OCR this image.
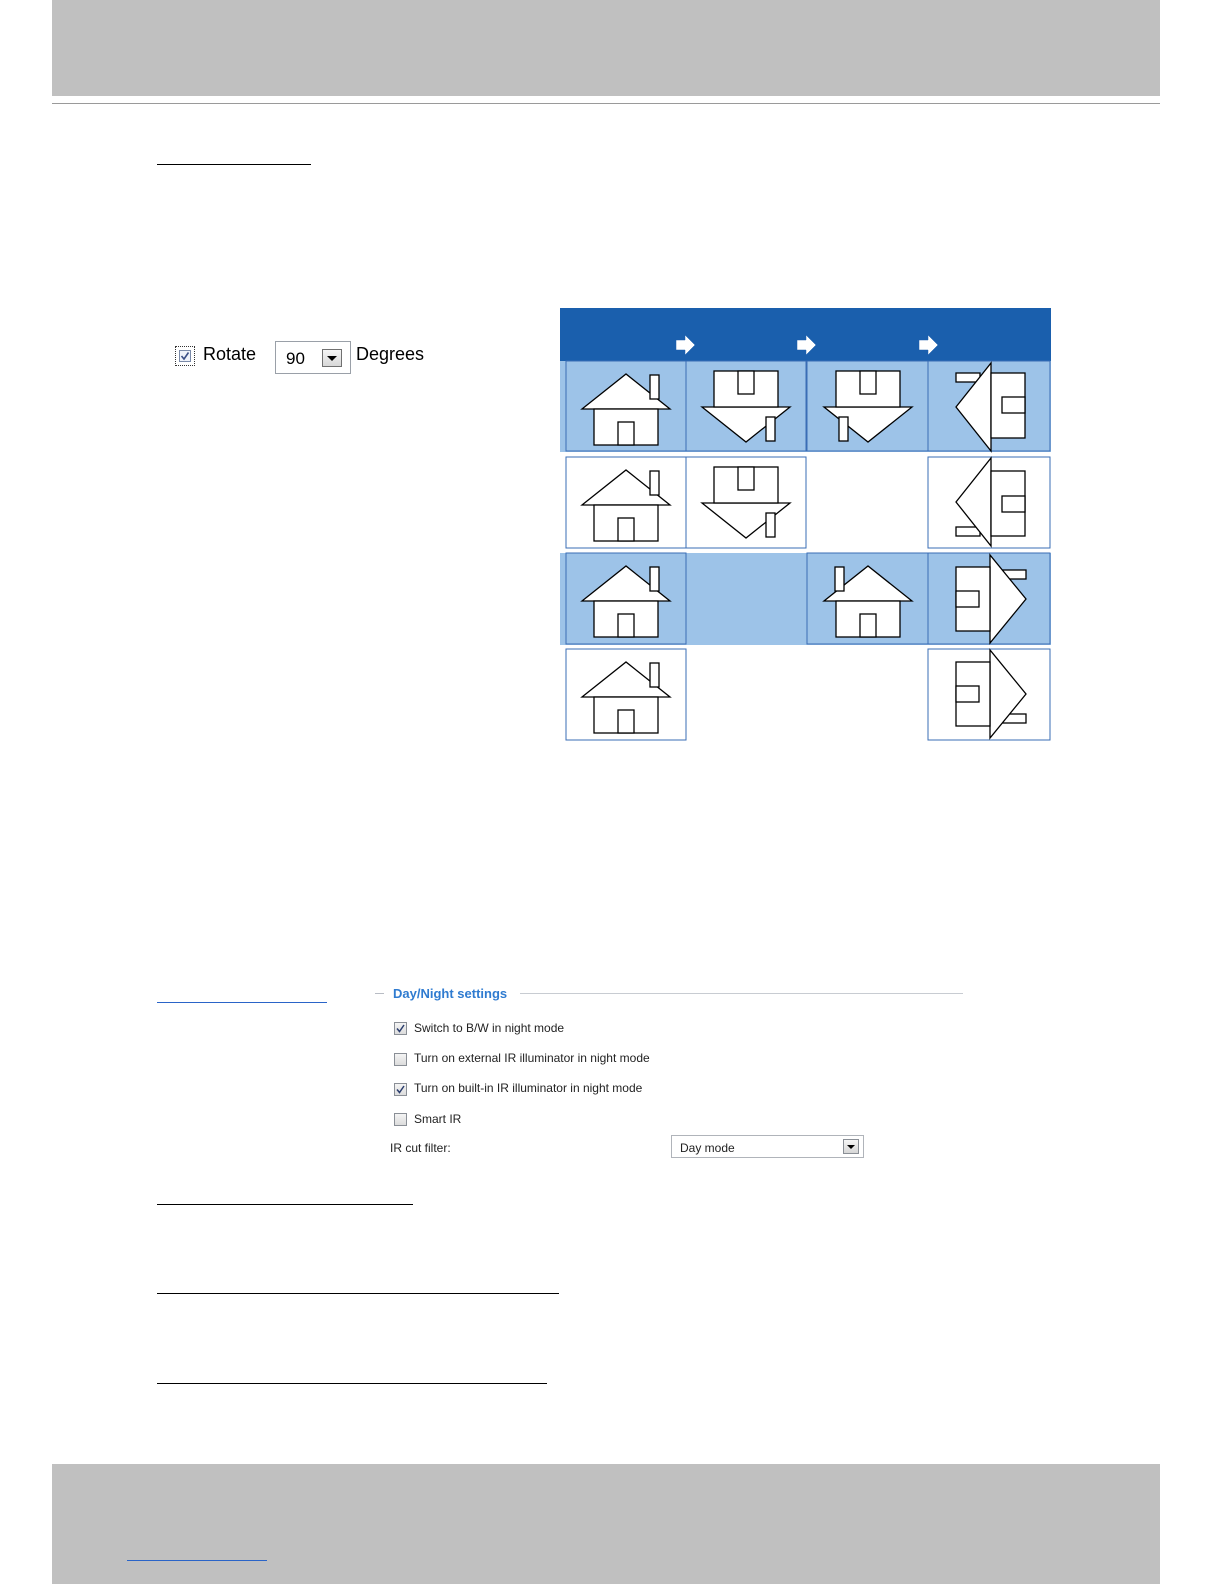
Rotate 90	Degrees
Day/Night settings
Switch to B/W in night mode
Turn on external IR illuminator in night mode
Turn on built-in IR illuminator in night mode
Smart IR
IR cut filter:	Day mode
